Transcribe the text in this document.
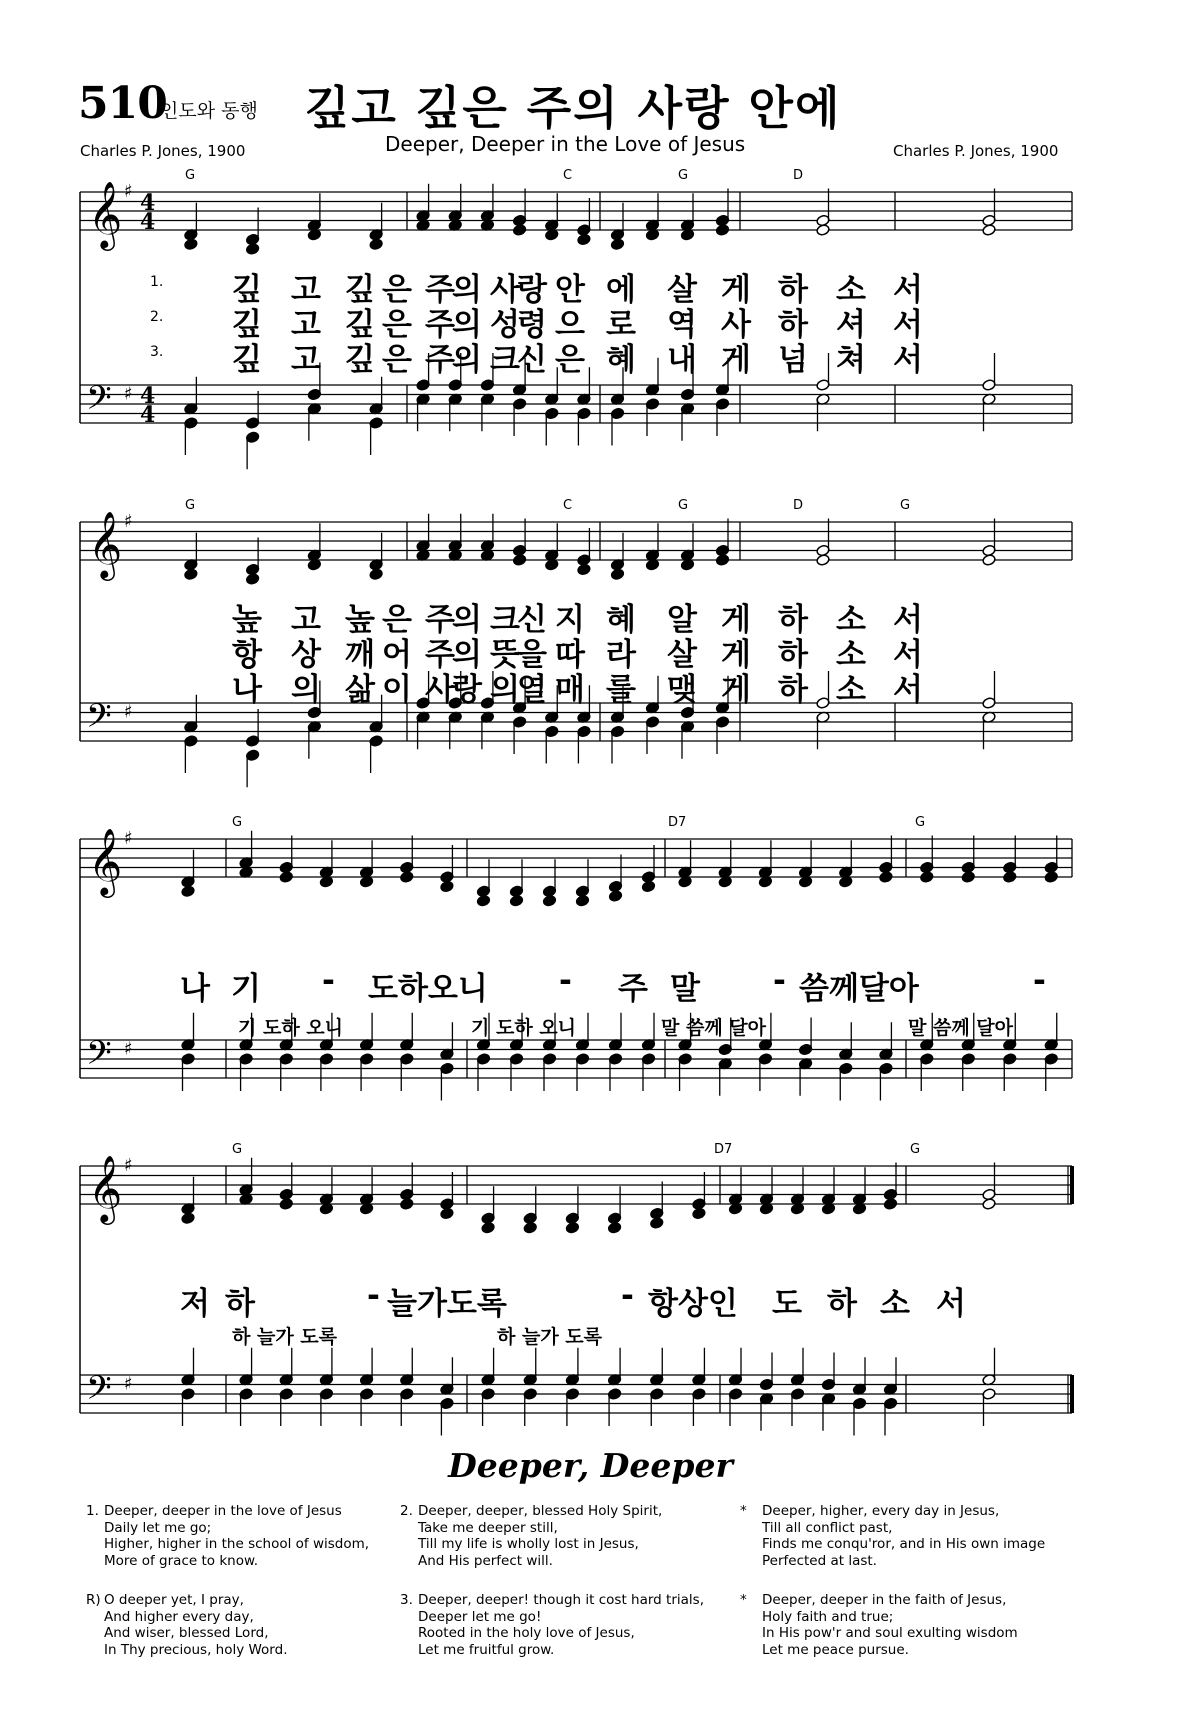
510
인도와 동행 깊고 깊은 주의 사랑 안에
Deeper, Deeper in the Love of Jesus
Charles P. Jones, 1900	Charles P. Jones, 1900
𝄞
𝄢
♯
♯
4
4
4
4
𝄞
𝄢
♯
♯
𝄞
𝄢
♯
♯
𝄞
𝄢
♯
♯
G	C	G	D
G	C	G	D	G
G	D7	G
G	D7	G
1. 깊 고 깊 은 주
의 사
랑 안 에 살 게 하 소 서
2. 깊 고 깊 은 주
의 성
령 으 로 역 사 하 셔 서
3. 깊 고 깊 은 주
의 크
신 은 혜 내 게 넘 쳐 서
높 고 높 은 주
의 크
신 지 혜 알 게 하 소 서
항 상 깨 어 주
의 뜻
을 따 라 살 게 하 소 서
나 의 삶 이 사
랑 의
열 매 를 맺 게 하 소 서
나 기 - 도하오니 - 주 말 - 씀께달아	-
기 도하 오니	기 도하 오니	말 씀께 달아	말 씀께 달아
저 하	- 늘가도록	- 항상인 도 하 소 서
하 늘가 도록	하 늘가 도록
Deeper, Deeper
1. Deeper, deeper in the love of Jesus
Daily let me go;
Higher, higher in the school of wisdom,
More of grace to know.
2. Deeper, deeper, blessed Holy Spirit,
Take me deeper still,
Till my life is wholly lost in Jesus,
And His perfect will.
* Deeper, higher, every day in Jesus,
Till all conflict past,
Finds me conqu'ror, and in His own image
Perfected at last.
R) O deeper yet, I pray,
And higher every day,
And wiser, blessed Lord,
In Thy precious, holy Word.
3. Deeper, deeper! though it cost hard trials,
Deeper let me go!
Rooted in the holy love of Jesus,
Let me fruitful grow.
* Deeper, deeper in the faith of Jesus,
Holy faith and true;
In His pow'r and soul exulting wisdom
Let me peace pursue.
